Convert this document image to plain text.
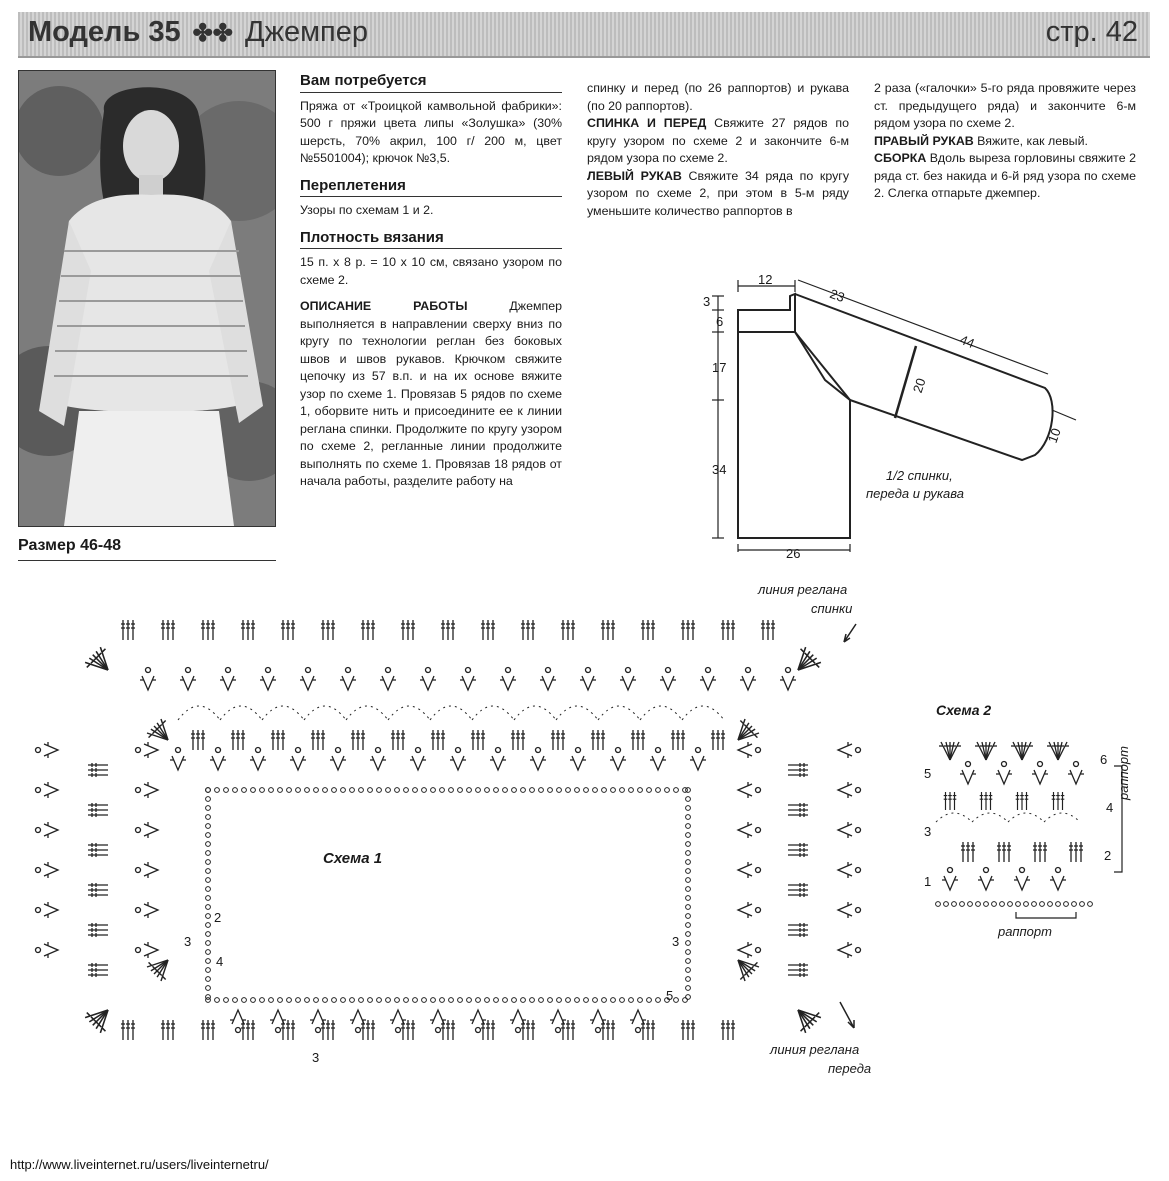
Модель 35 ✤✤ Джемпер	стр. 42
Размер 46-48
Вам потребуется

Пряжа от «Троицкой камвольной фабрики»: 500 г пряжи цвета липы «Золушка» (30% шерсть, 70% акрил, 100 г/ 200 м, цвет №5501004); крючок №3,5.

Переплетения

Узоры по схемам 1 и 2.

Плотность вязания

15 п. х 8 р. = 10 х 10 см, связано узором по схеме 2.

ОПИСАНИЕ РАБОТЫ Джемпер выполняется в направлении сверху вниз по кругу по технологии реглан без боковых швов и швов рукавов. Крючком свяжите цепочку из 57 в.п. и на их основе вяжите узор по схеме 1. Провязав 5 рядов по схеме 1, оборвите нить и присоедините ее к линии реглана спинки. Продолжите по кругу узором по схеме 2, регланные линии продолжите выполнять по схеме 1. Провязав 18 рядов от начала работы, разделите работу на

спинку и перед (по 26 раппортов) и рукава (по 20 раппортов).

СПИНКА И ПЕРЕД Свяжите 27 рядов по кругу узором по схеме 2 и закончите 6-м рядом узора по схеме 2.

ЛЕВЫЙ РУКАВ Свяжите 34 ряда по кругу узором по схеме 2, при этом в 5-м ряду уменьшите количество раппортов в

2 раза («галочки» 5-го ряда провяжите через ст. предыдущего ряда) и закончите 6-м рядом узора по схеме 2.

ПРАВЫЙ РУКАВ Вяжите, как левый.

СБОРКА Вдоль выреза горловины свяжите 2 ряда ст. без накида и 6-й ряд узора по схеме 2. Слегка отпарьте джемпер.

12
3
6
17
34
26
23
44
20
10
1/2 спинки,
переда и рукава
Схема 1
линия реглана
спинки
линия реглана
переда
2
3
4
3
5
3
Схема 2
6
5
4
3
2
1
раппорт
раппорт
http://www.liveinternet.ru/users/liveinternetru/
